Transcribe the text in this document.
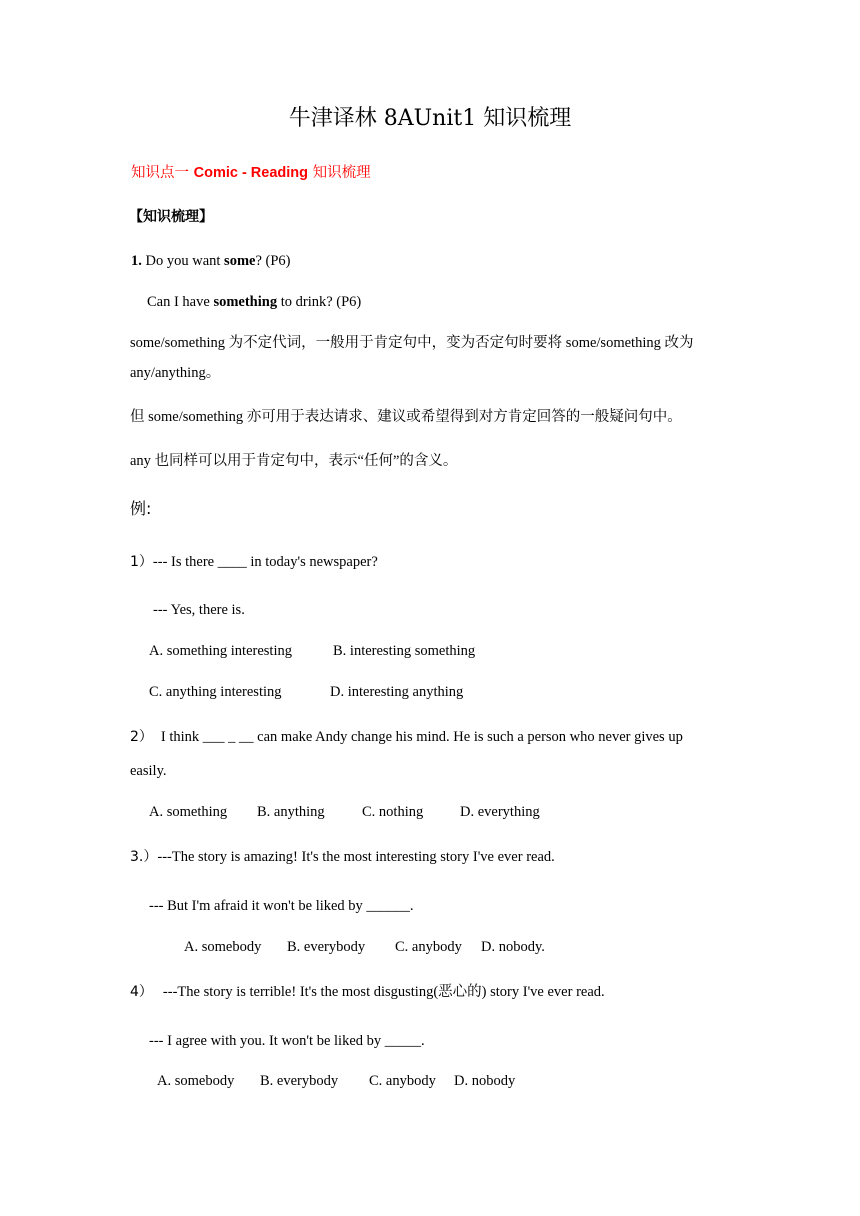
牛津译林 8AUnit1 知识梳理
知识点一 Comic - Reading 知识梳理
【知识梳理】
1. Do you want some? (P6)
Can I have something to drink? (P6)
some/something 为不定代词，一般用于肯定句中，变为否定句时要将 some/something 改为
any/anything。
但 some/something 亦可用于表达请求、建议或希望得到对方肯定回答的一般疑问句中。
any 也同样可以用于肯定句中，表示“任何”的含义。
例:
1）--- Is there ____ in today's newspaper?
--- Yes, there is.
A. something interesting	B. interesting something
C. anything interesting	D. interesting anything
2） I think ___ _ __ can make Andy change his mind. He is such a person who never gives up
easily.
A. something B. anything	C. nothing	D. everything
3.）---The story is amazing! It's the most interesting story I've ever read.
--- But I'm afraid it won't be liked by ______.
A. somebody B. everybody C. anybody D. nobody.
4） ---The story is terrible! It's the most disgusting(恶心的) story I've ever read.
--- I agree with you. It won't be liked by _____.
A. somebody B. everybody C. anybody D. nobody
